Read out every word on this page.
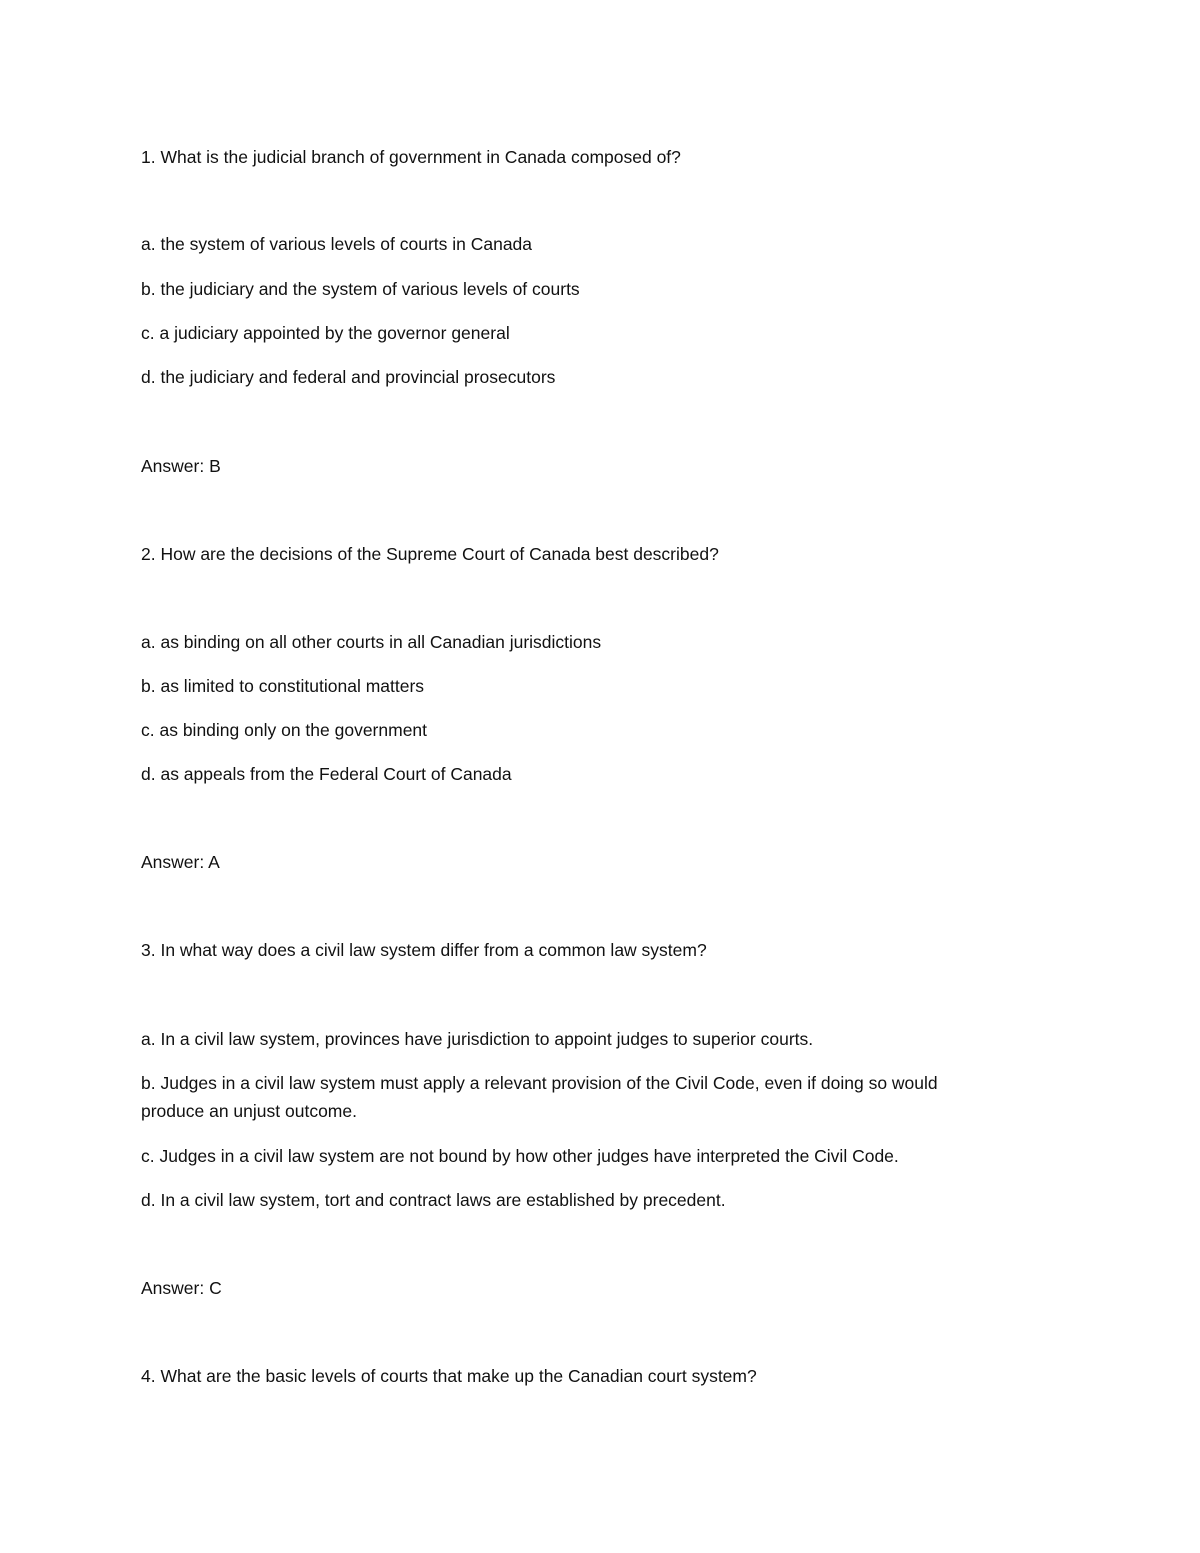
1. What is the judicial branch of government in Canada composed of?
a. the system of various levels of courts in Canada
b. the judiciary and the system of various levels of courts
c. a judiciary appointed by the governor general
d. the judiciary and federal and provincial prosecutors
Answer: B
2. How are the decisions of the Supreme Court of Canada best described?
a. as binding on all other courts in all Canadian jurisdictions
b. as limited to constitutional matters
c. as binding only on the government
d. as appeals from the Federal Court of Canada
Answer: A
3. In what way does a civil law system differ from a common law system?
a. In a civil law system, provinces have jurisdiction to appoint judges to superior courts.
b. Judges in a civil law system must apply a relevant provision of the Civil Code, even if doing so would
produce an unjust outcome.
c. Judges in a civil law system are not bound by how other judges have interpreted the Civil Code.
d. In a civil law system, tort and contract laws are established by precedent.
Answer: C
4. What are the basic levels of courts that make up the Canadian court system?
